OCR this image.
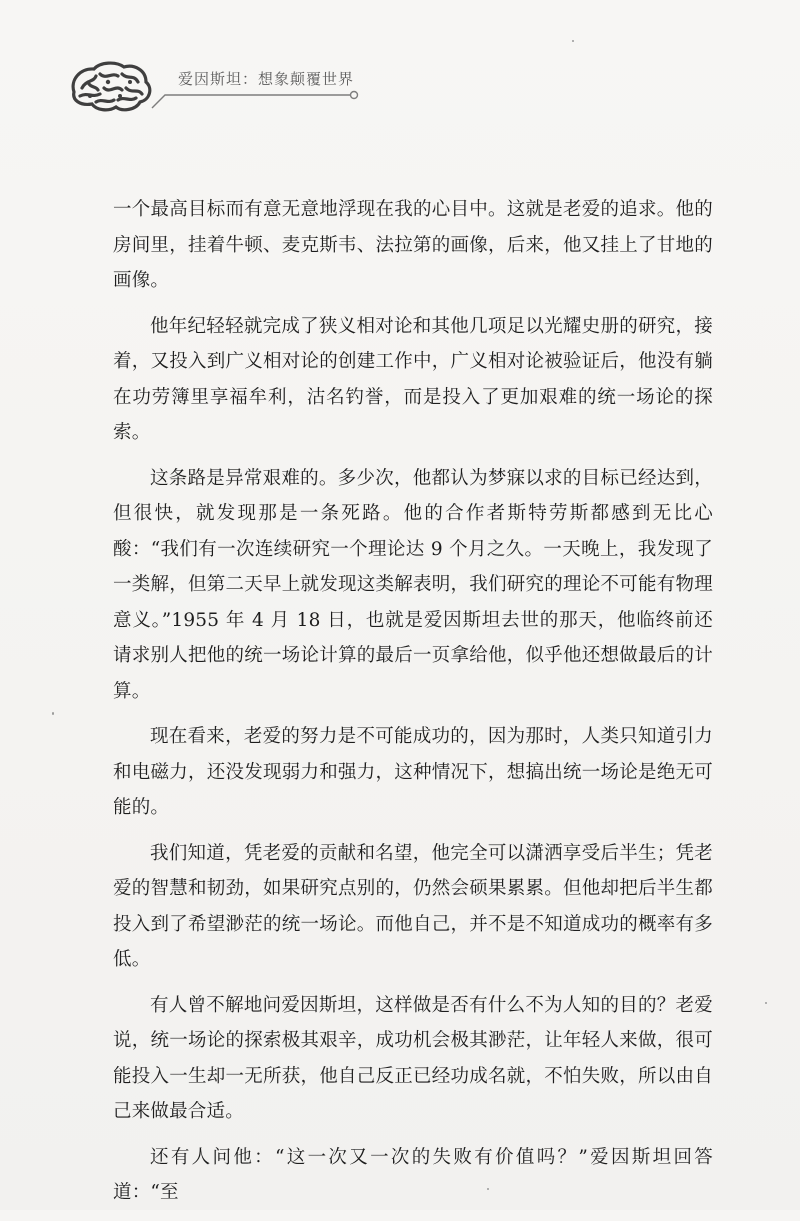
爱因斯坦：想象颠覆世界

一个最高目标而有意无意地浮现在我的心目中。这就是老爱的追求。他的房间里，挂着牛顿、麦克斯韦、法拉第的画像，后来，他又挂上了甘地的画像。

他年纪轻轻就完成了狭义相对论和其他几项足以光耀史册的研究，接着，又投入到广义相对论的创建工作中，广义相对论被验证后，他没有躺在功劳簿里享福牟利，沽名钓誉，而是投入了更加艰难的统一场论的探索。

这条路是异常艰难的。多少次，他都认为梦寐以求的目标已经达到，但很快，就发现那是一条死路。他的合作者斯特劳斯都感到无比心酸：“我们有一次连续研究一个理论达 9 个月之久。一天晚上，我发现了一类解，但第二天早上就发现这类解表明，我们研究的理论不可能有物理意义。”1955 年 4 月 18 日，也就是爱因斯坦去世的那天，他临终前还请求别人把他的统一场论计算的最后一页拿给他，似乎他还想做最后的计算。

现在看来，老爱的努力是不可能成功的，因为那时，人类只知道引力和电磁力，还没发现弱力和强力，这种情况下，想搞出统一场论是绝无可能的。

我们知道，凭老爱的贡献和名望，他完全可以潇洒享受后半生；凭老爱的智慧和韧劲，如果研究点别的，仍然会硕果累累。但他却把后半生都投入到了希望渺茫的统一场论。而他自己，并不是不知道成功的概率有多低。

有人曾不解地问爱因斯坦，这样做是否有什么不为人知的目的？老爱说，统一场论的探索极其艰辛，成功机会极其渺茫，让年轻人来做，很可能投入一生却一无所获，他自己反正已经功成名就，不怕失败，所以由自己来做最合适。

还有人问他：“这一次又一次的失败有价值吗？”爱因斯坦回答道：“至
